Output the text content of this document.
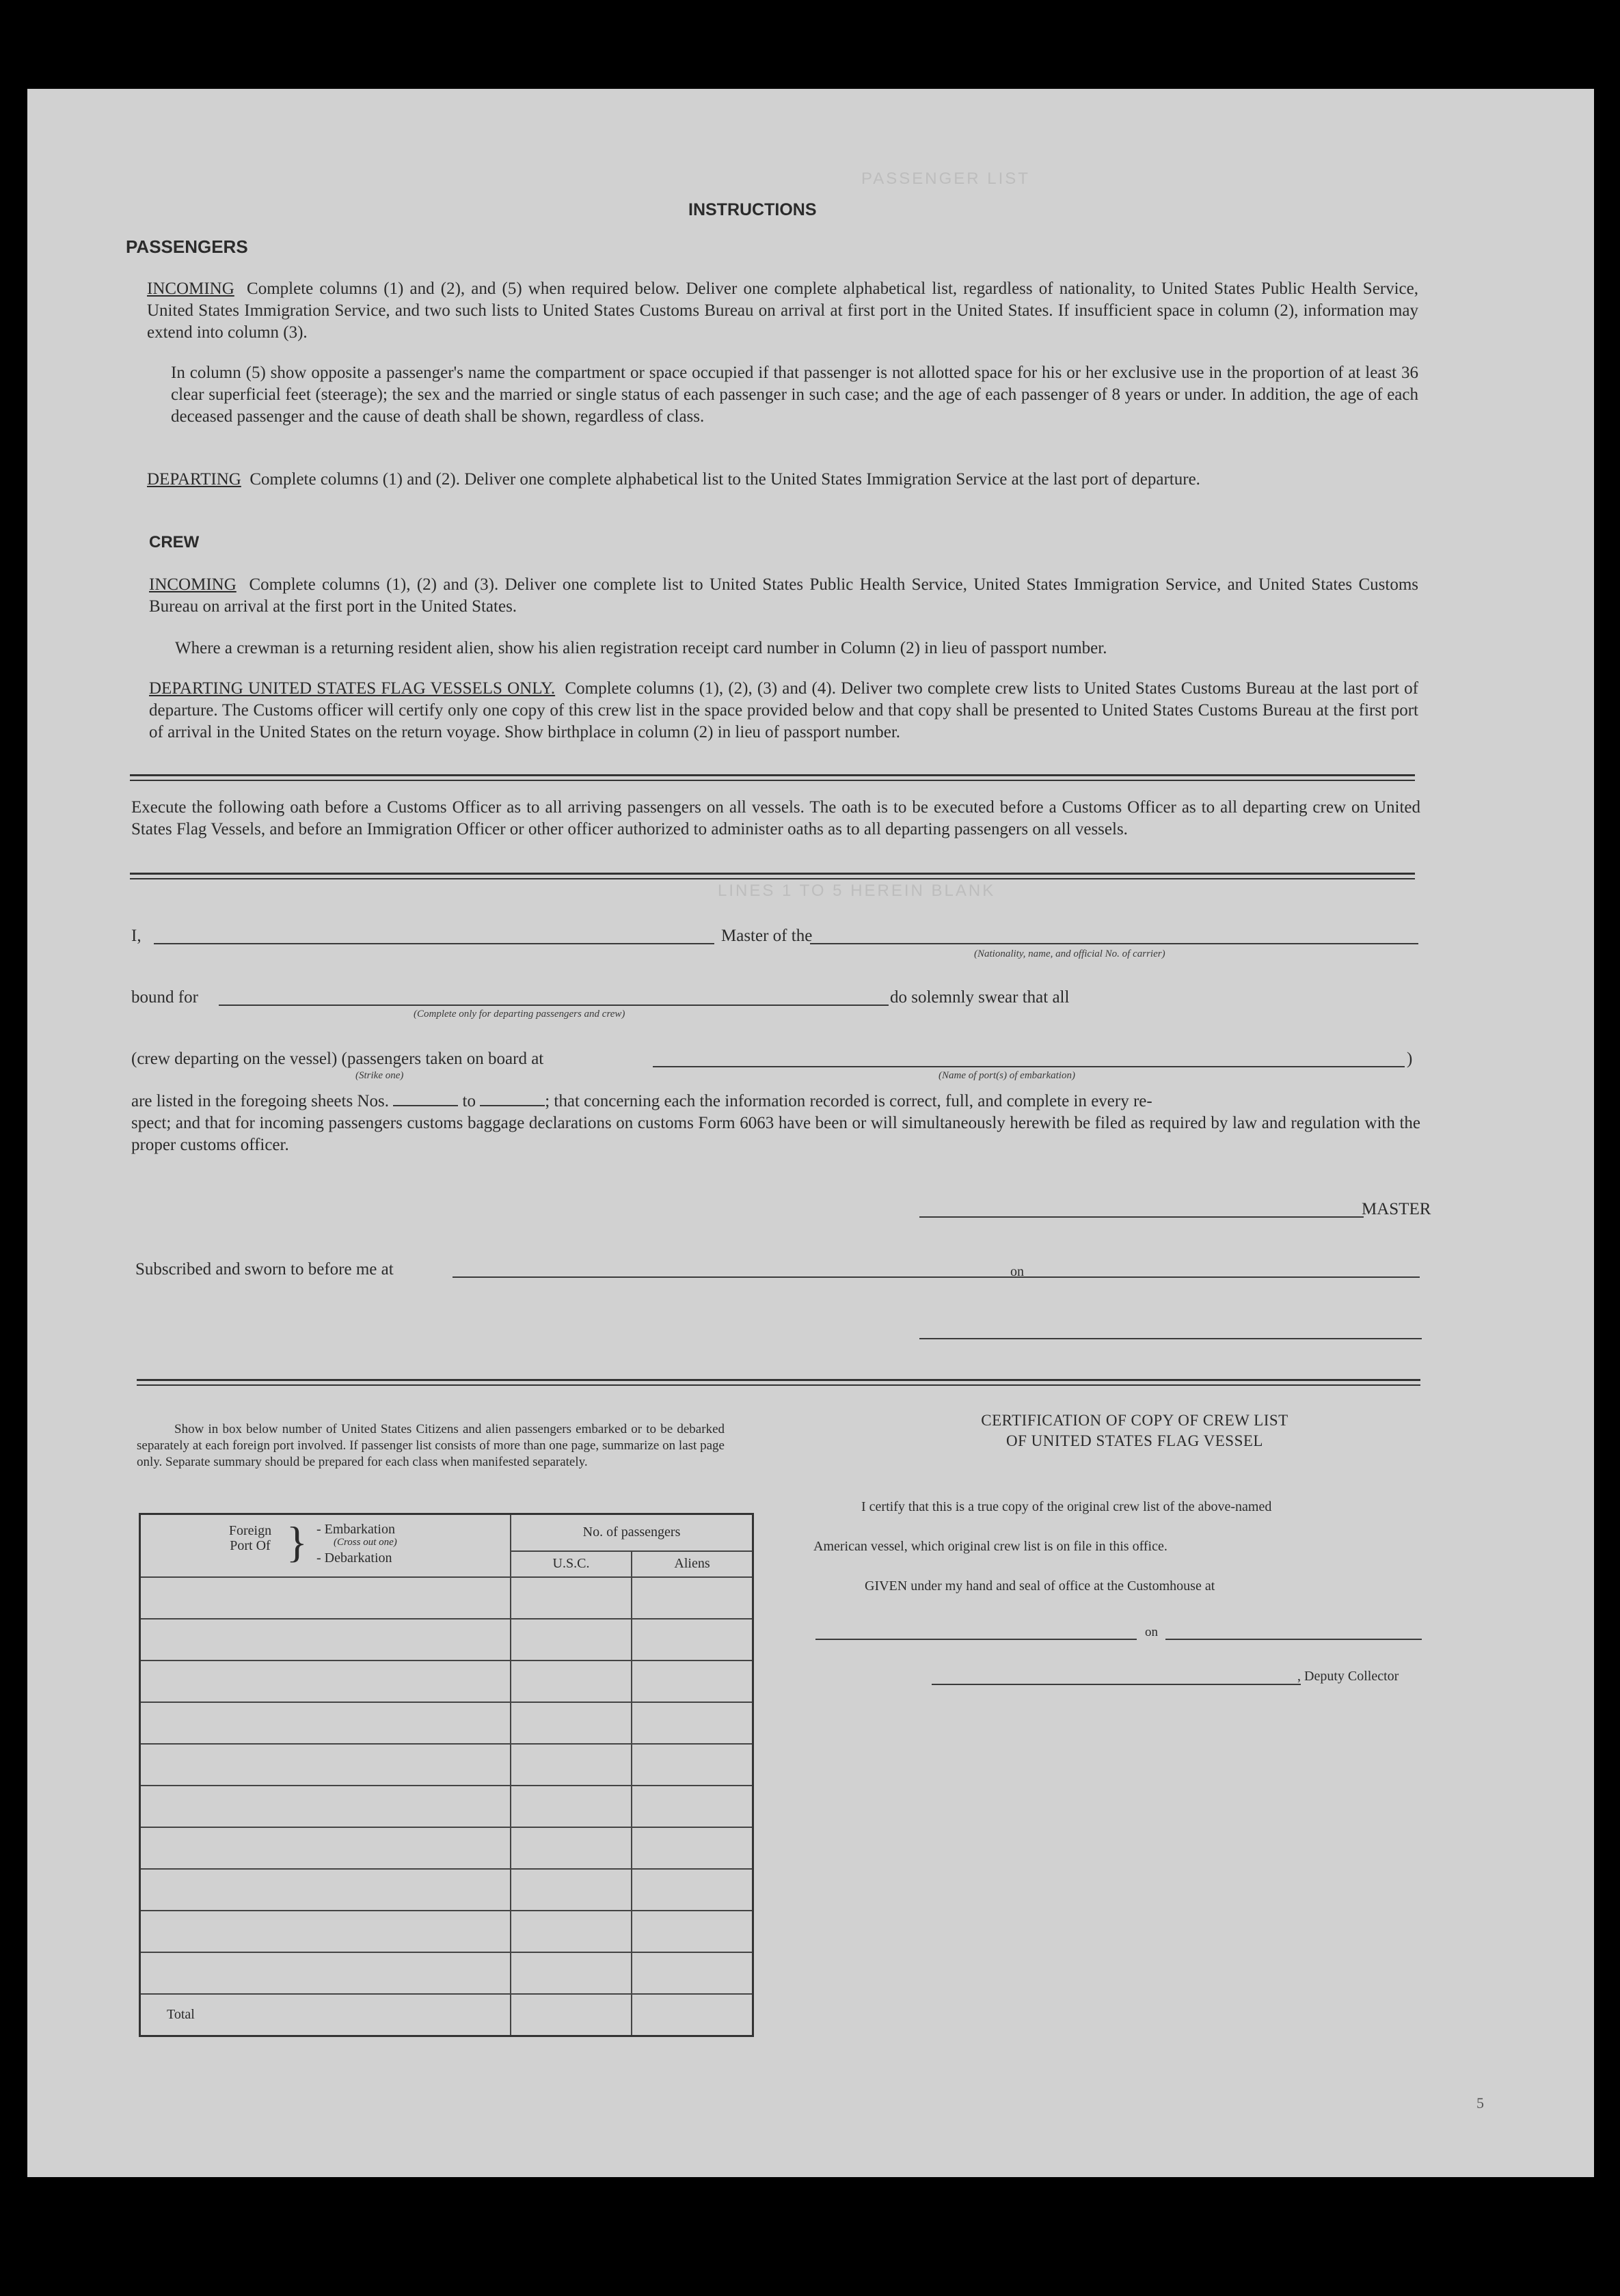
PASSENGER LIST
LINES 1 TO 5 HEREIN BLANK
INSTRUCTIONS
PASSENGERS
INCOMING Complete columns (1) and (2), and (5) when required below. Deliver one complete alphabetical list, regardless of nationality, to United States Public Health Service, United States Immigration Service, and two such lists to United States Customs Bureau on arrival at first port in the United States. If insufficient space in column (2), information may extend into column (3).
In column (5) show opposite a passenger's name the compartment or space occupied if that passenger is not allotted space for his or her exclusive use in the proportion of at least 36 clear superficial feet (steerage); the sex and the married or single status of each passenger in such case; and the age of each passenger of 8 years or under. In addition, the age of each deceased passenger and the cause of death shall be shown, regardless of class.
DEPARTING Complete columns (1) and (2). Deliver one complete alphabetical list to the United States Immigration Service at the last port of departure.
CREW
INCOMING Complete columns (1), (2) and (3). Deliver one complete list to United States Public Health Service, United States Immigration Service, and United States Customs Bureau on arrival at the first port in the United States.
Where a crewman is a returning resident alien, show his alien registration receipt card number in Column (2) in lieu of passport number.
DEPARTING UNITED STATES FLAG VESSELS ONLY. Complete columns (1), (2), (3) and (4). Deliver two complete crew lists to United States Customs Bureau at the last port of departure. The Customs officer will certify only one copy of this crew list in the space provided below and that copy shall be presented to United States Customs Bureau at the first port of arrival in the United States on the return voyage. Show birthplace in column (2) in lieu of passport number.
Execute the following oath before a Customs Officer as to all arriving passengers on all vessels. The oath is to be executed before a Customs Officer as to all departing crew on United States Flag Vessels, and before an Immigration Officer or other officer authorized to administer oaths as to all departing passengers on all vessels.
I,	Master of the
(Nationality, name, and official No. of carrier)
bound for
(Complete only for departing passengers and crew)
do solemnly swear that all
(crew departing on the vessel) (passengers taken on board at	)
(Strike one)	(Name of port(s) of embarkation)
are listed in the foregoing sheets Nos.	to	; that concerning each the information recorded is correct, full, and complete in every re-
spect; and that for incoming passengers customs baggage declarations on customs Form 6063 have been or will simultaneously herewith be filed as required by law and regulation with the proper customs officer.
MASTER
Subscribed and sworn to before me at	on
Show in box below number of United States Citizens and alien passengers embarked or to be debarked separately at each foreign port involved. If passenger list consists of more than one page, summarize on last page only. Separate summary should be prepared for each class when manifested separately.
Foreign Port Of } - Embarkation
(Cross out one)
- Debarkation	No. of passengers	
	U.S.C.	Aliens

Total		
CERTIFICATION OF COPY OF CREW LIST
OF UNITED STATES FLAG VESSEL
I certify that this is a true copy of the original crew list of the above-named
American vessel, which original crew list is on file in this office.
GIVEN under my hand and seal of office at the Customhouse at
on
, Deputy Collector
5
